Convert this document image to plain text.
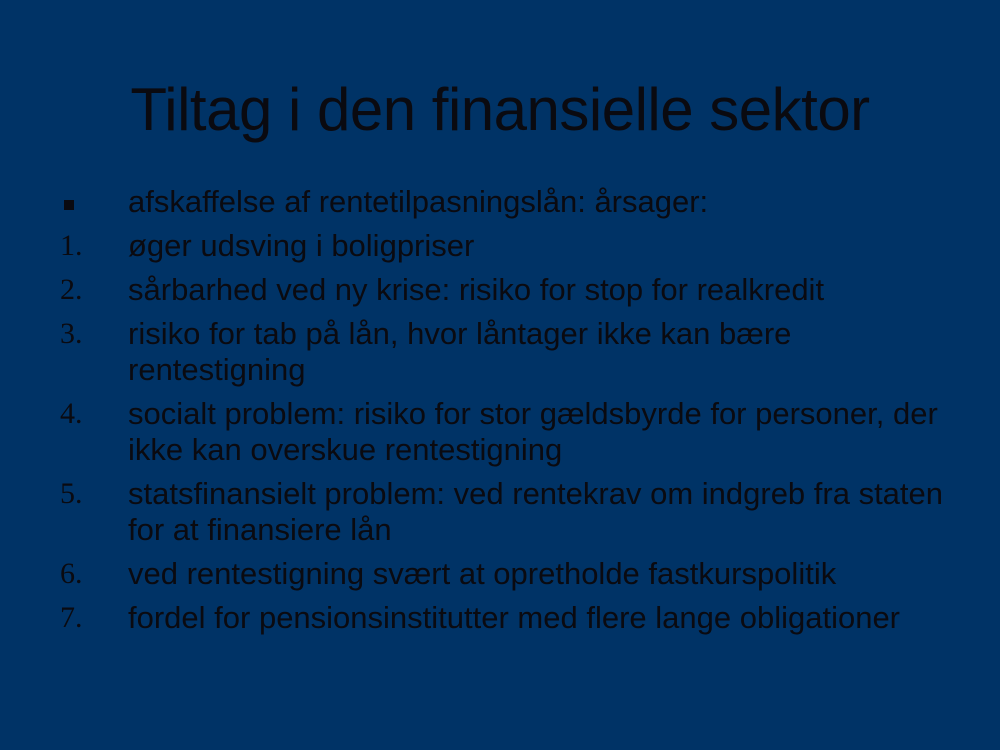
Tiltag i den finansielle sektor
afskaffelse af rentetilpasningslån: årsager:
1. øger udsving i boligpriser
2. sårbarhed ved ny krise: risiko for stop for realkredit
3. risiko for tab på lån, hvor låntager ikke kan bære rentestigning
4. socialt problem: risiko for stor gældsbyrde for personer, der ikke kan overskue rentestigning
5. statsfinansielt problem: ved rentekrav om indgreb fra staten for at finansiere lån
6. ved rentestigning svært at opretholde fastkurspolitik
7. fordel for pensionsinstitutter med flere lange obligationer
